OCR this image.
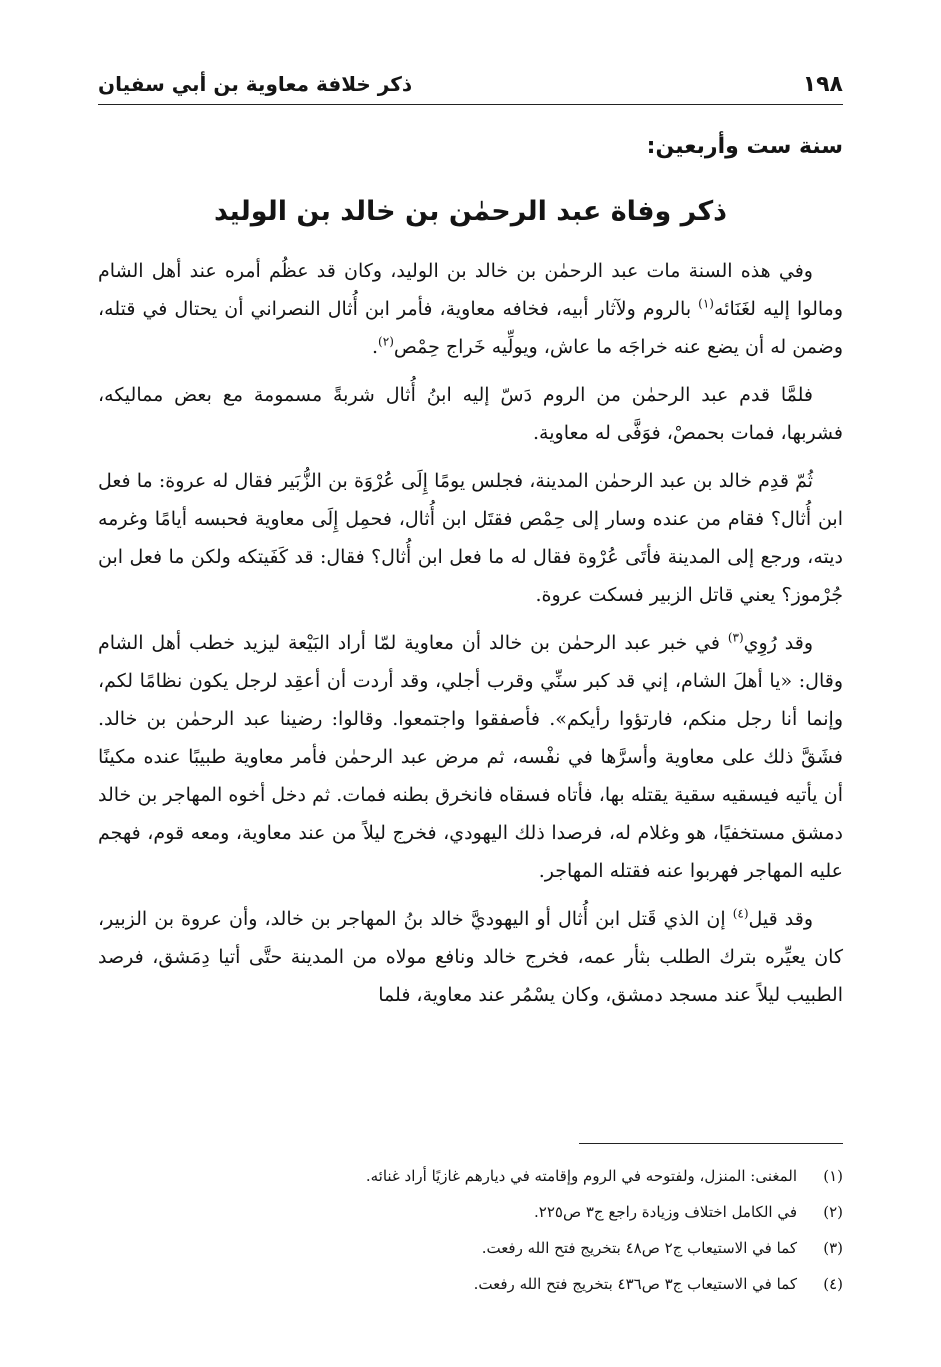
١٩٨
ذكر خلافة معاوية بن أبي سفيان
سنة ست وأربعين:
ذكر وفاة عبد الرحمٰن بن خالد بن الوليد

وفي هذه السنة مات عبد الرحمٰن بن خالد بن الوليد، وكان قد عظُم أمره عند أهل الشام ومالوا إليه لغَنَائه$^{(١)}$ بالروم ولآثار أبيه، فخافه معاوية، فأمر ابن أُثال النصراني أن يحتال في قتله، وضمن له أن يضع عنه خراجَه ما عاش، ويولِّيه خَراج حِمْص$^{(٢)}$.

فلمَّا قدم عبد الرحمٰن من الروم دَسّ إليه ابنُ أُثال شربةً مسمومة مع بعض مماليكه، فشربها، فمات بحمصْ، فوَفَّى له معاوية.

ثُمّ قدِم خالد بن عبد الرحمٰن المدينة، فجلس يومًا إِلَى عُرْوَة بن الزُّبَير فقال له عروة: ما فعل ابن أُثال؟ فقام من عنده وسار إلى حِمْص فقتَل ابن أُثال، فحمِل إِلَى معاوية فحبسه أيامًا وغرمه ديته، ورجع إلى المدينة فأتَى عُرْوة فقال له ما فعل ابن أُثال؟ فقال: قد كَفَيتكه ولكن ما فعل ابن جُرْموز؟ يعني قاتل الزبير فسكت عروة.

وقد رُوِي$^{(٣)}$ في خبر عبد الرحمٰن بن خالد أن معاوية لمّا أراد البَيْعة ليزيد خطب أهل الشام وقال: «يا أهلَ الشام، إني قد كبر سنِّي وقرب أجلي، وقد أردت أن أعقِد لرجل يكون نظامًا لكم، وإنما أنا رجل منكم، فارتؤوا رأيكم». فأصفقوا واجتمعوا. وقالوا: رضينا عبد الرحمٰن بن خالد. فشَقَّ ذلك على معاوية وأسرَّها في نفْسه، ثم مرض عبد الرحمٰن فأمر معاوية طبيبًا عنده مكينًا أن يأتيه فيسقيه سقية يقتله بها، فأتاه فسقاه فانخرق بطنه فمات. ثم دخل أخوه المهاجر بن خالد دمشق مستخفيًا، هو وغلام له، فرصدا ذلك اليهودي، فخرج ليلاً من عند معاوية، ومعه قوم، فهجم عليه المهاجر فهربوا عنه فقتله المهاجر.

وقد قيل$^{(٤)}$ إن الذي قَتل ابن أُثال أو اليهوديَّ خالد بنُ المهاجر بن خالد، وأن عروة بن الزبير، كان يعيِّره بترك الطلب بثأر عمه، فخرج خالد ونافع مولاه من المدينة حتَّى أتيا دِمَشق، فرصد الطبيب ليلاً عند مسجد دمشق، وكان يسْمُر عند معاوية، فلما

(١)المغنى: المنزل، ولفتوحه في الروم وإقامته في ديارهم غازيًا أراد غنائه.
(٢)في الكامل اختلاف وزيادة راجع ج٣ ص٢٢٥.
(٣)كما في الاستيعاب ج٢ ص٤٨ بتخريج فتح الله رفعت.
(٤)كما في الاستيعاب ج٣ ص٤٣٦ بتخريج فتح الله رفعت.
